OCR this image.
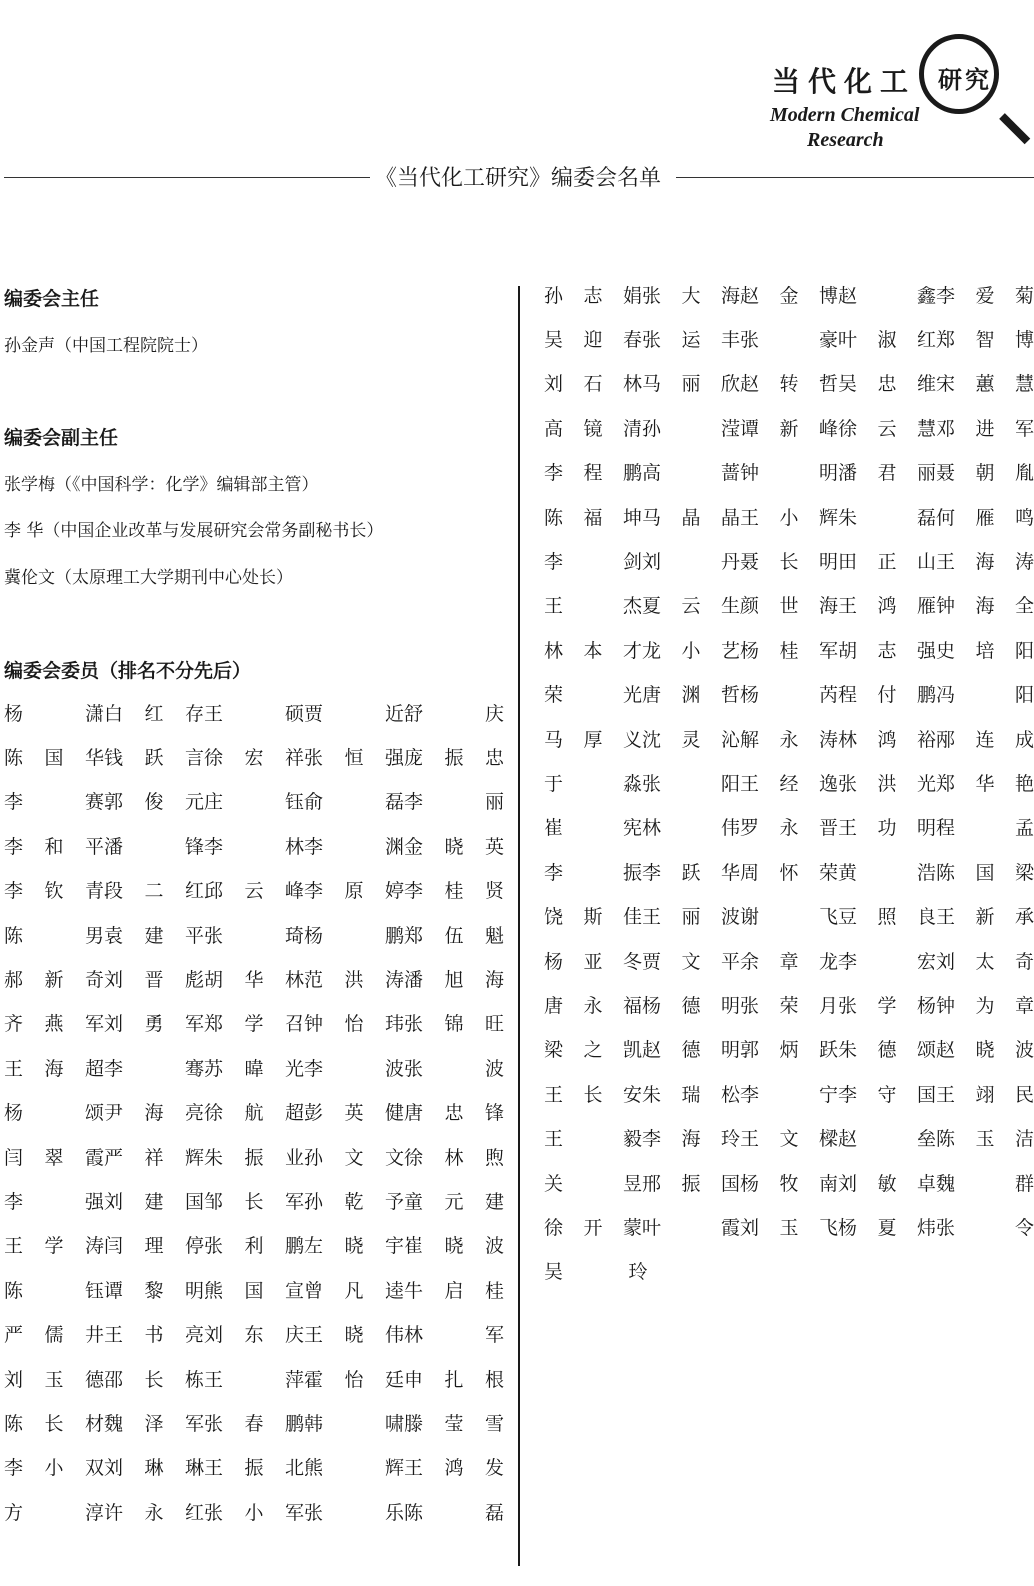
当代化工 研究
Modern Chemical
Research
《当代化工研究》编委会名单
编委会主任
孙金声（中国工程院院士）
编委会副主任
张学梅（《中国科学：化学》编辑部主管）
李 华（中国企业改革与发展研究会常务副秘书长）
冀伦文（太原理工大学期刊中心处长）
编委会委员（排名不分先后）
杨 潇 白红存 王 硕 贾 近 舒 庆
陈国华 钱跃言 徐宏祥 张恒强 庞振忠
李 赛 郭俊元 庄 钰 俞 磊 李 丽
李和平 潘 锋 李 林 李 渊 金晓英
李钦青 段二红 邱云峰 李原婷 李桂贤
陈 男 袁建平 张 琦 杨 鹏 郑伍魁
郝新奇 刘晋彪 胡华林 范洪涛 潘旭海
齐燕军 刘勇军 郑学召 钟怡玮 张锦旺
王海超 李 骞 苏暐光 李 波 张 波
杨 颂 尹海亮 徐航超 彭英健 唐忠锋
闫翠霞 严祥辉 朱振业 孙文文 徐林煦
李 强 刘建国 邹长军 孙乾予 童元建
王学涛 闫理停 张利鹏 左晓宇 崔晓波
陈 钰 谭黎明 熊国宣 曾凡逵 牛启桂
严儒井 王书亮 刘东庆 王晓伟 林 军
刘玉德 邵长栋 王 萍 霍怡廷 申扎根
陈长材 魏泽军 张春鹏 韩 啸 滕莹雪
李小双 刘琳琳 王振北 熊 辉 王鸿发
方 淳 许永红 张小军 张 乐 陈 磊
孙志娟 张大海 赵金博 赵 鑫 李爱菊
吴迎春 张运丰 张 豪 叶淑红 郑智博
刘石林 马丽欣 赵转哲 吴忠维 宋蕙慧
高镜清 孙 滢 谭新峰 徐云慧 邓进军
李程鹏 高 蔷 钟 明 潘君丽 聂朝胤
陈福坤 马晶晶 王小辉 朱 磊 何雁鸣
李 剑 刘 丹 聂长明 田正山 王海涛
王 杰 夏云生 颜世海 王鸿雁 钟海全
林本才 龙小艺 杨桂军 胡志强 史培阳
荣 光 唐渊哲 杨 芮 程付鹏 冯 阳
马厚义 沈灵沁 解永涛 林鸿裕 邴连成
于 淼 张 阳 王经逸 张洪光 郑华艳
崔 宪 林 伟 罗永晋 王功明 程 孟
李 振 李跃华 周怀荣 黄 浩 陈国梁
饶斯佳 王丽波 谢 飞 豆照良 王新承
杨亚冬 贾文平 余章龙 李 宏 刘太奇
唐永福 杨德明 张荣月 张学杨 钟为章
梁之凯 赵德明 郭炳跃 朱德颂 赵晓波
王长安 朱瑞松 李 宁 李守国 王翊民
王 毅 李海玲 王文樑 赵 垒 陈玉洁
关 昱 邢振国 杨牧南 刘敏卓 魏 群
徐开蒙 叶 霞 刘玉飞 杨夏炜 张 令
吴 玲
